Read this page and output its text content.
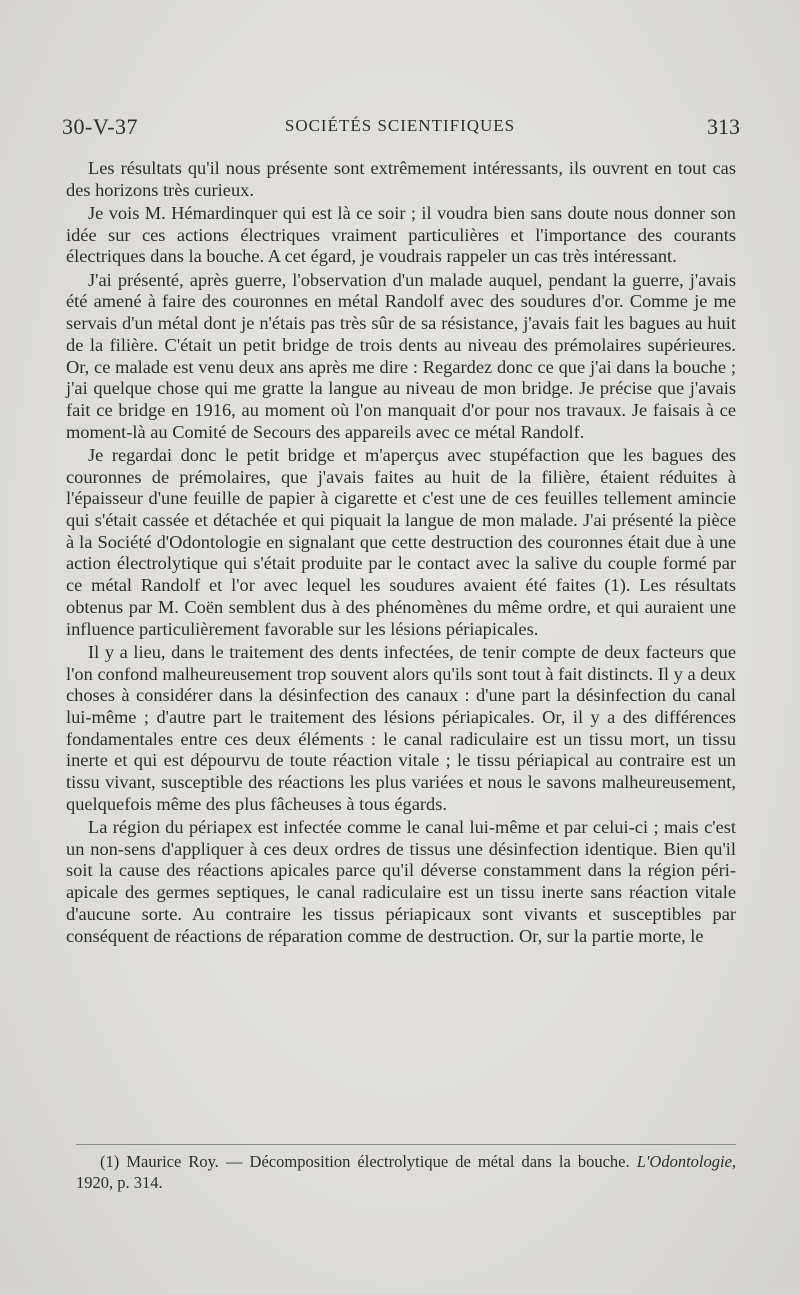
30-V-37	SOCIÉTÉS SCIENTIFIQUES	313

Les résultats qu'il nous présente sont extrêmement intéressants, ils ouvrent en tout cas des horizons très curieux.

Je vois M. Hémardinquer qui est là ce soir ; il voudra bien sans doute nous donner son idée sur ces actions électriques vraiment particulières et l'importance des courants électriques dans la bouche. A cet égard, je voudrais rappeler un cas très intéressant.

J'ai présenté, après guerre, l'observation d'un malade auquel, pendant la guerre, j'avais été amené à faire des couronnes en métal Randolf avec des soudures d'or. Comme je me servais d'un métal dont je n'étais pas très sûr de sa résistance, j'avais fait les bagues au huit de la filière. C'était un petit bridge de trois dents au niveau des prémolaires supérieures. Or, ce malade est venu deux ans après me dire : Regardez donc ce que j'ai dans la bouche ; j'ai quelque chose qui me gratte la langue au niveau de mon bridge. Je précise que j'avais fait ce bridge en 1916, au moment où l'on manquait d'or pour nos travaux. Je faisais à ce moment-là au Comité de Secours des appareils avec ce métal Randolf.

Je regardai donc le petit bridge et m'aperçus avec stupéfaction que les bagues des couronnes de prémolaires, que j'avais faites au huit de la filière, étaient réduites à l'épaisseur d'une feuille de papier à cigarette et c'est une de ces feuilles tellement amincie qui s'était cassée et détachée et qui piquait la langue de mon malade. J'ai présenté la pièce à la Société d'Odontologie en signalant que cette destruction des couronnes était due à une action électrolytique qui s'était produite par le contact avec la salive du couple formé par ce métal Randolf et l'or avec lequel les soudures avaient été faites (1). Les résultats obtenus par M. Coën semblent dus à des phénomènes du même ordre, et qui auraient une influence particulièrement favorable sur les lésions périapicales.

Il y a lieu, dans le traitement des dents infectées, de tenir compte de deux facteurs que l'on confond malheureusement trop souvent alors qu'ils sont tout à fait distincts. Il y a deux choses à considérer dans la désinfection des canaux : d'une part la désinfection du canal lui-même ; d'autre part le traitement des lésions périapicales. Or, il y a des différences fondamentales entre ces deux éléments : le canal radiculaire est un tissu mort, un tissu inerte et qui est dépourvu de toute réaction vitale ; le tissu périapical au contraire est un tissu vivant, susceptible des réactions les plus variées et nous le savons malheureusement, quelquefois même des plus fâcheuses à tous égards.

La région du périapex est infectée comme le canal lui-même et par celui-ci ; mais c'est un non-sens d'appliquer à ces deux ordres de tissus une désinfection identique. Bien qu'il soit la cause des réactions apicales parce qu'il déverse constamment dans la région péri-apicale des germes septiques, le canal radiculaire est un tissu inerte sans réaction vitale d'aucune sorte. Au contraire les tissus périapicaux sont vivants et susceptibles par conséquent de réactions de réparation comme de destruction. Or, sur la partie morte, le

(1) Maurice Roy. — Décomposition électrolytique de métal dans la bouche. L'Odontologie, 1920, p. 314.
